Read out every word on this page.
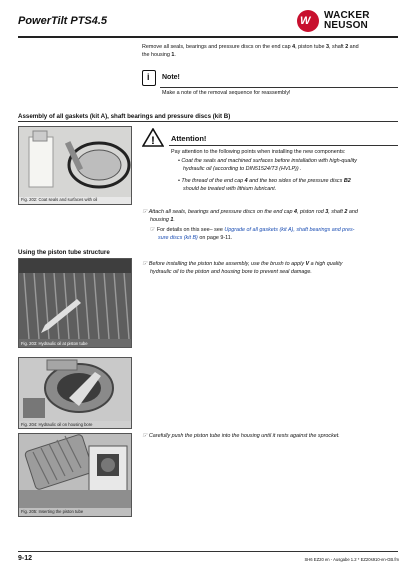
PowerTilt PTS4.5	W WACKER
NEUSON
Remove all seals, bearings and pressure discs on the end cap 4, piston tube 3, shaft 2 and
the housing 1.
i Note!
Make a note of the removal sequence for reassembly!
Assembly of all gaskets (kit A), shaft bearings and pressure discs (kit B)
Fig. 202: Coat seals and surfaces with oil
! Attention!
Pay attention to the following points when installing the new components:
• Coat the seals and machined surfaces before installation with high-quality
hydraulic oil (according to DIN51524/T3 (HVLP)) .
• The thread of the end cap 4 and the two sides of the pressure discs B2
should be treated with lithium lubricant.
☞ Attach all seals, bearings and pressure discs on the end cap 4, piston rod 3, shaft 2 and
housing 1.
☞ For details on this see– see Upgrade of all gaskets (kit A), shaft bearings and pres-
sure discs (kit B) on page 9-11.
Using the piston tube structure
Fig. 203: Hydraulic oil at piston tube
☞ Before installing the piston tube assembly, use the brush to apply V a high quality
hydraulic oil to the piston and housing bore to prevent seal damage.
Fig. 204: Hydraulic oil on housing bore
Fig. 205: Inserting the piston tube
☞ Carefully push the piston tube into the housing until it rests against the sprocket.
9-12	SH6 EZ20 en - Ausgabe 1.2 * EZ20s910-en-GB.fm
